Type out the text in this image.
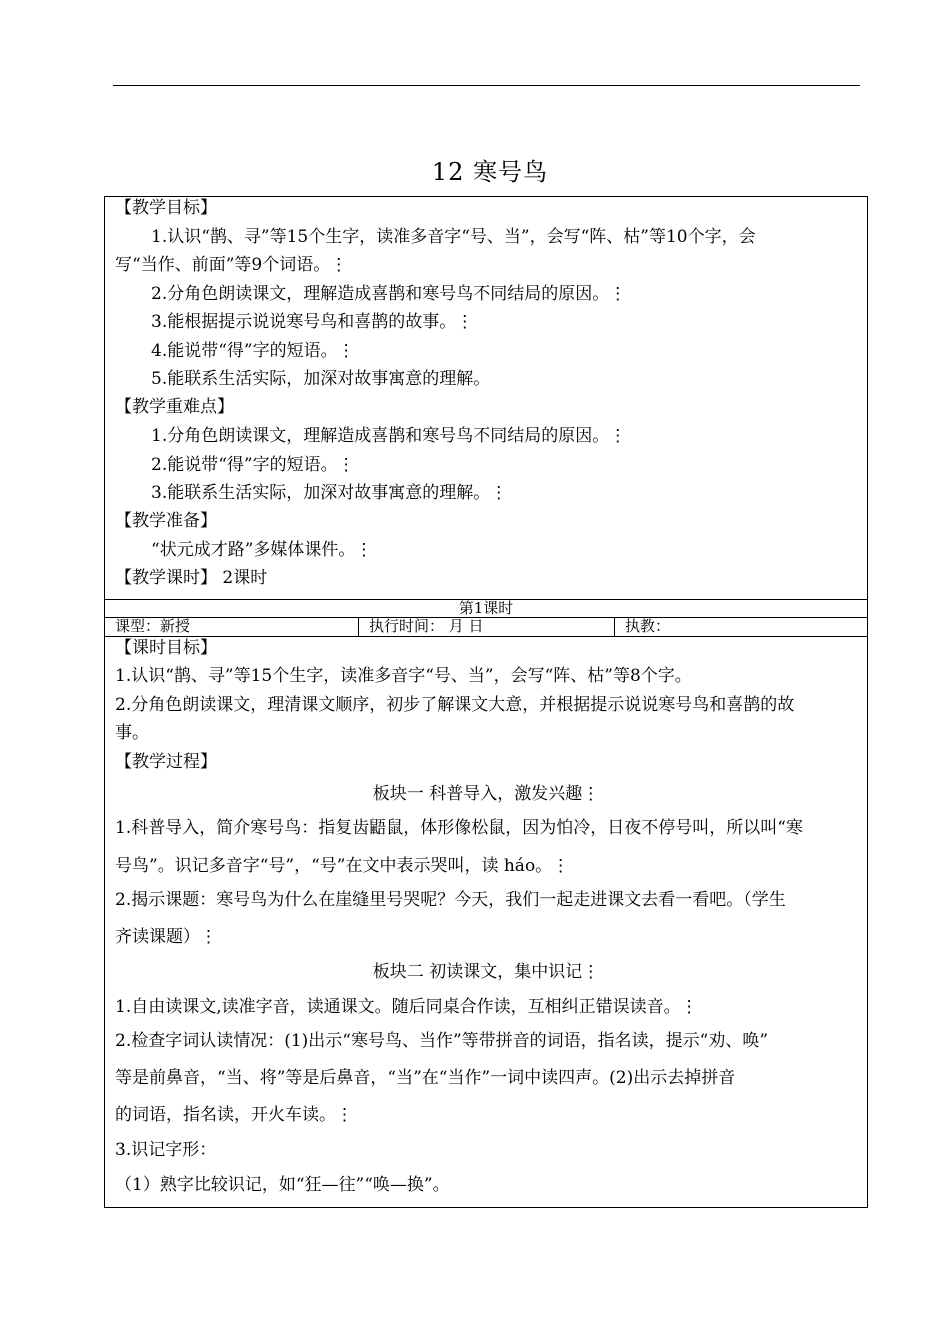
12 寒号鸟
【教学目标】
1.认识“鹊、寻”等15个生字，读准多音字“号、当”，会写“阵、枯”等10个字，会
写“当作、前面”等9个词语。⋮
2.分角色朗读课文，理解造成喜鹊和寒号鸟不同结局的原因。⋮
3.能根据提示说说寒号鸟和喜鹊的故事。⋮
4.能说带“得”字的短语。⋮
5.能联系生活实际，加深对故事寓意的理解。
【教学重难点】
1.分角色朗读课文，理解造成喜鹊和寒号鸟不同结局的原因。⋮
2.能说带“得”字的短语。⋮
3.能联系生活实际，加深对故事寓意的理解。⋮
【教学准备】
“状元成才路”多媒体课件。⋮
【教学课时】 2课时
第1课时
课型：新授	执行时间： 月 日	执教：
【课时目标】
1.认识“鹊、寻”等15个生字，读准多音字“号、当”，会写“阵、枯”等8个字。
2.分角色朗读课文，理清课文顺序，初步了解课文大意，并根据提示说说寒号鸟和喜鹊的故
事。
【教学过程】
板块一 科普导入，激发兴趣⋮
1.科普导入，简介寒号鸟：指复齿鼯鼠，体形像松鼠，因为怕冷，日夜不停号叫，所以叫“寒
号鸟”。识记多音字“号”，“号”在文中表示哭叫，读 háo。⋮
2.揭示课题：寒号鸟为什么在崖缝里号哭呢？今天，我们一起走进课文去看一看吧。（学生
齐读课题）⋮
板块二 初读课文，集中识记⋮
1.自由读课文,读准字音，读通课文。随后同桌合作读，互相纠正错误读音。⋮
2.检查字词认读情况：(1)出示“寒号鸟、当作”等带拼音的词语，指名读，提示“劝、唤”
等是前鼻音，“当、将”等是后鼻音，“当”在“当作”一词中读四声。(2)出示去掉拼音
的词语，指名读，开火车读。⋮
3.识记字形：
（1）熟字比较识记，如“狂—往”“唤—换”。
